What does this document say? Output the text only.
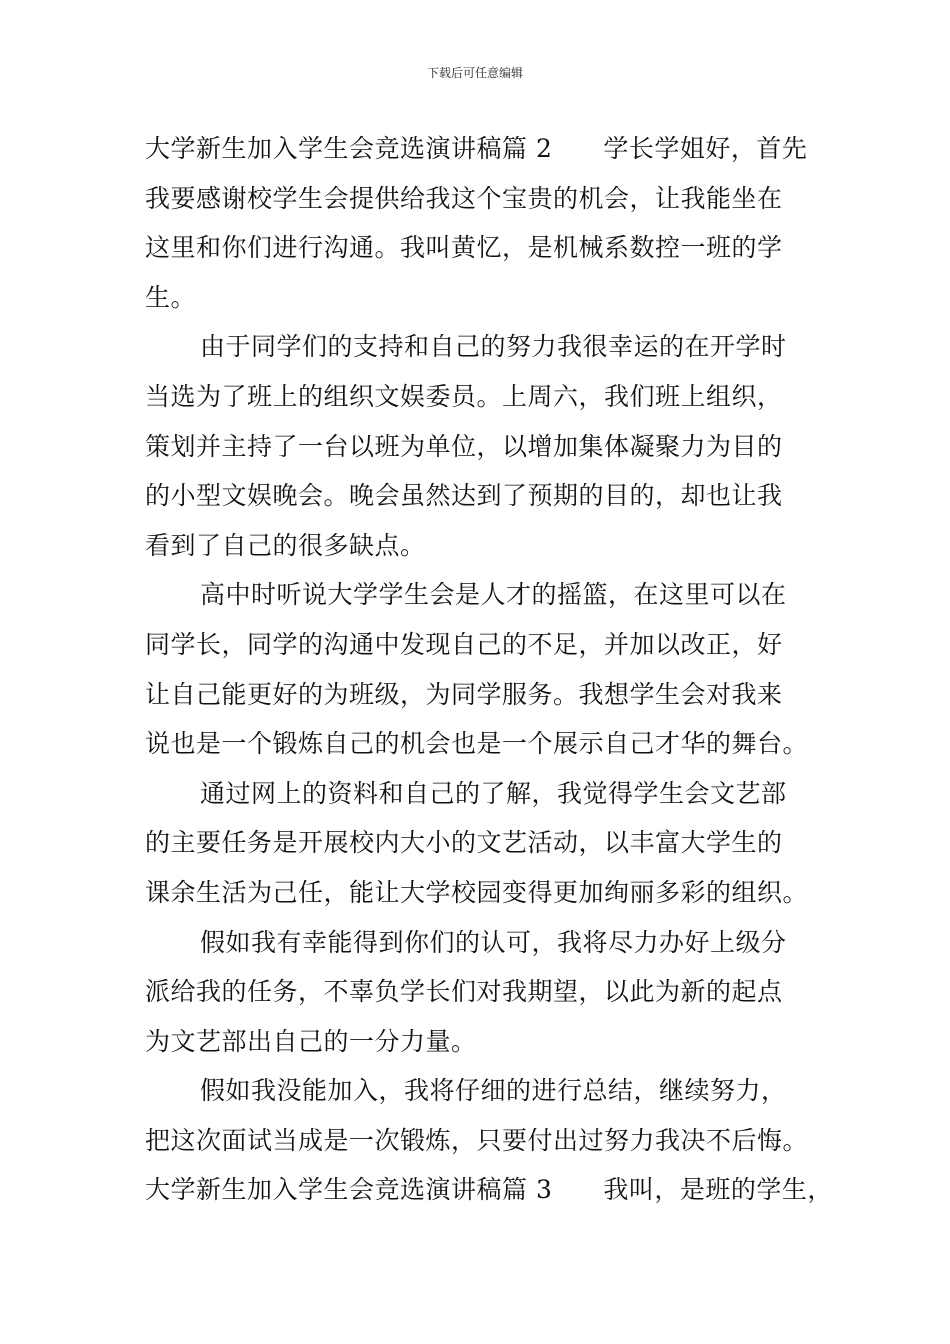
下载后可任意编辑
大学新生加入学生会竞选演讲稿篇 2　　学长学姐好，首先
我要感谢校学生会提供给我这个宝贵的机会，让我能坐在
这里和你们进行沟通。我叫黄忆，是机械系数控一班的学
生。
由于同学们的支持和自己的努力我很幸运的在开学时
当选为了班上的组织文娱委员。上周六，我们班上组织，
策划并主持了一台以班为单位，以增加集体凝聚力为目的
的小型文娱晚会。晚会虽然达到了预期的目的，却也让我
看到了自己的很多缺点。
高中时听说大学学生会是人才的摇篮，在这里可以在
同学长，同学的沟通中发现自己的不足，并加以改正，好
让自己能更好的为班级，为同学服务。我想学生会对我来
说也是一个锻炼自己的机会也是一个展示自己才华的舞台。
通过网上的资料和自己的了解，我觉得学生会文艺部
的主要任务是开展校内大小的文艺活动，以丰富大学生的
课余生活为己任，能让大学校园变得更加绚丽多彩的组织。
假如我有幸能得到你们的认可，我将尽力办好上级分
派给我的任务，不辜负学长们对我期望，以此为新的起点
为文艺部出自己的一分力量。
假如我没能加入，我将仔细的进行总结，继续努力，
把这次面试当成是一次锻炼，只要付出过努力我决不后悔。
大学新生加入学生会竞选演讲稿篇 3　　我叫，是班的学生，
